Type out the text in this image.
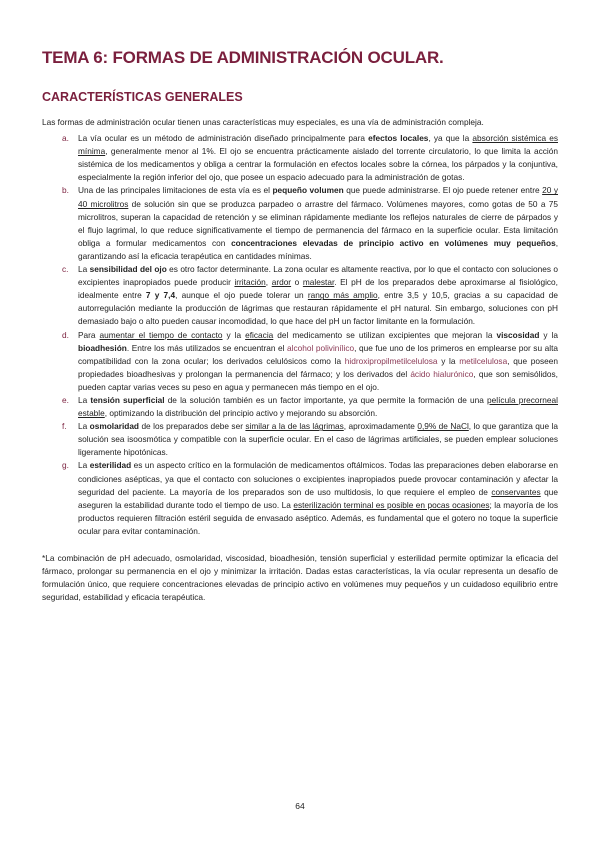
TEMA 6: FORMAS DE ADMINISTRACIÓN OCULAR.
CARACTERÍSTICAS GENERALES

Las formas de administración ocular tienen unas características muy especiales, es una vía de administración compleja.

a. La vía ocular es un método de administración diseñado principalmente para efectos locales, ya que la absorción sistémica es mínima, generalmente menor al 1%. El ojo se encuentra prácticamente aislado del torrente circulatorio, lo que limita la acción sistémica de los medicamentos y obliga a centrar la formulación en efectos locales sobre la córnea, los párpados y la conjuntiva, especialmente la región inferior del ojo, que posee un espacio adecuado para la administración de gotas.
b. Una de las principales limitaciones de esta vía es el pequeño volumen que puede administrarse. El ojo puede retener entre 20 y 40 microlitros de solución sin que se produzca parpadeo o arrastre del fármaco. Volúmenes mayores, como gotas de 50 a 75 microlitros, superan la capacidad de retención y se eliminan rápidamente mediante los reflejos naturales de cierre de párpados y el flujo lagrimal, lo que reduce significativamente el tiempo de permanencia del fármaco en la superficie ocular. Esta limitación obliga a formular medicamentos con concentraciones elevadas de principio activo en volúmenes muy pequeños, garantizando así la eficacia terapéutica en cantidades mínimas.
c. La sensibilidad del ojo es otro factor determinante. La zona ocular es altamente reactiva, por lo que el contacto con soluciones o excipientes inapropiados puede producir irritación, ardor o malestar. El pH de los preparados debe aproximarse al fisiológico, idealmente entre 7 y 7,4, aunque el ojo puede tolerar un rango más amplio, entre 3,5 y 10,5, gracias a su capacidad de autorregulación mediante la producción de lágrimas que restauran rápidamente el pH natural. Sin embargo, soluciones con pH demasiado bajo o alto pueden causar incomodidad, lo que hace del pH un factor limitante en la formulación.
d. Para aumentar el tiempo de contacto y la eficacia del medicamento se utilizan excipientes que mejoran la viscosidad y la bioadhesión. Entre los más utilizados se encuentran el alcohol polivinílico, que fue uno de los primeros en emplearse por su alta compatibilidad con la zona ocular; los derivados celulósicos como la hidroxipropilmetilcelulosa y la metilcelulosa, que poseen propiedades bioadhesivas y prolongan la permanencia del fármaco; y los derivados del ácido hialurónico, que son semisólidos, pueden captar varias veces su peso en agua y permanecen más tiempo en el ojo.
e. La tensión superficial de la solución también es un factor importante, ya que permite la formación de una película precorneal estable, optimizando la distribución del principio activo y mejorando su absorción.
f. La osmolaridad de los preparados debe ser similar a la de las lágrimas, aproximadamente 0,9% de NaCl, lo que garantiza que la solución sea isoosmótica y compatible con la superficie ocular. En el caso de lágrimas artificiales, se pueden emplear soluciones ligeramente hipotónicas.
g. La esterilidad es un aspecto crítico en la formulación de medicamentos oftálmicos. Todas las preparaciones deben elaborarse en condiciones asépticas, ya que el contacto con soluciones o excipientes inapropiados puede provocar contaminación y afectar la seguridad del paciente. La mayoría de los preparados son de uso multidosis, lo que requiere el empleo de conservantes que aseguren la estabilidad durante todo el tiempo de uso. La esterilización terminal es posible en pocas ocasiones; la mayoría de los productos requieren filtración estéril seguida de envasado aséptico. Además, es fundamental que el gotero no toque la superficie ocular para evitar contaminación.

*La combinación de pH adecuado, osmolaridad, viscosidad, bioadhesión, tensión superficial y esterilidad permite optimizar la eficacia del fármaco, prolongar su permanencia en el ojo y minimizar la irritación. Dadas estas características, la vía ocular representa un desafío de formulación único, que requiere concentraciones elevadas de principio activo en volúmenes muy pequeños y un cuidadoso equilibrio entre seguridad, estabilidad y eficacia terapéutica.

64
